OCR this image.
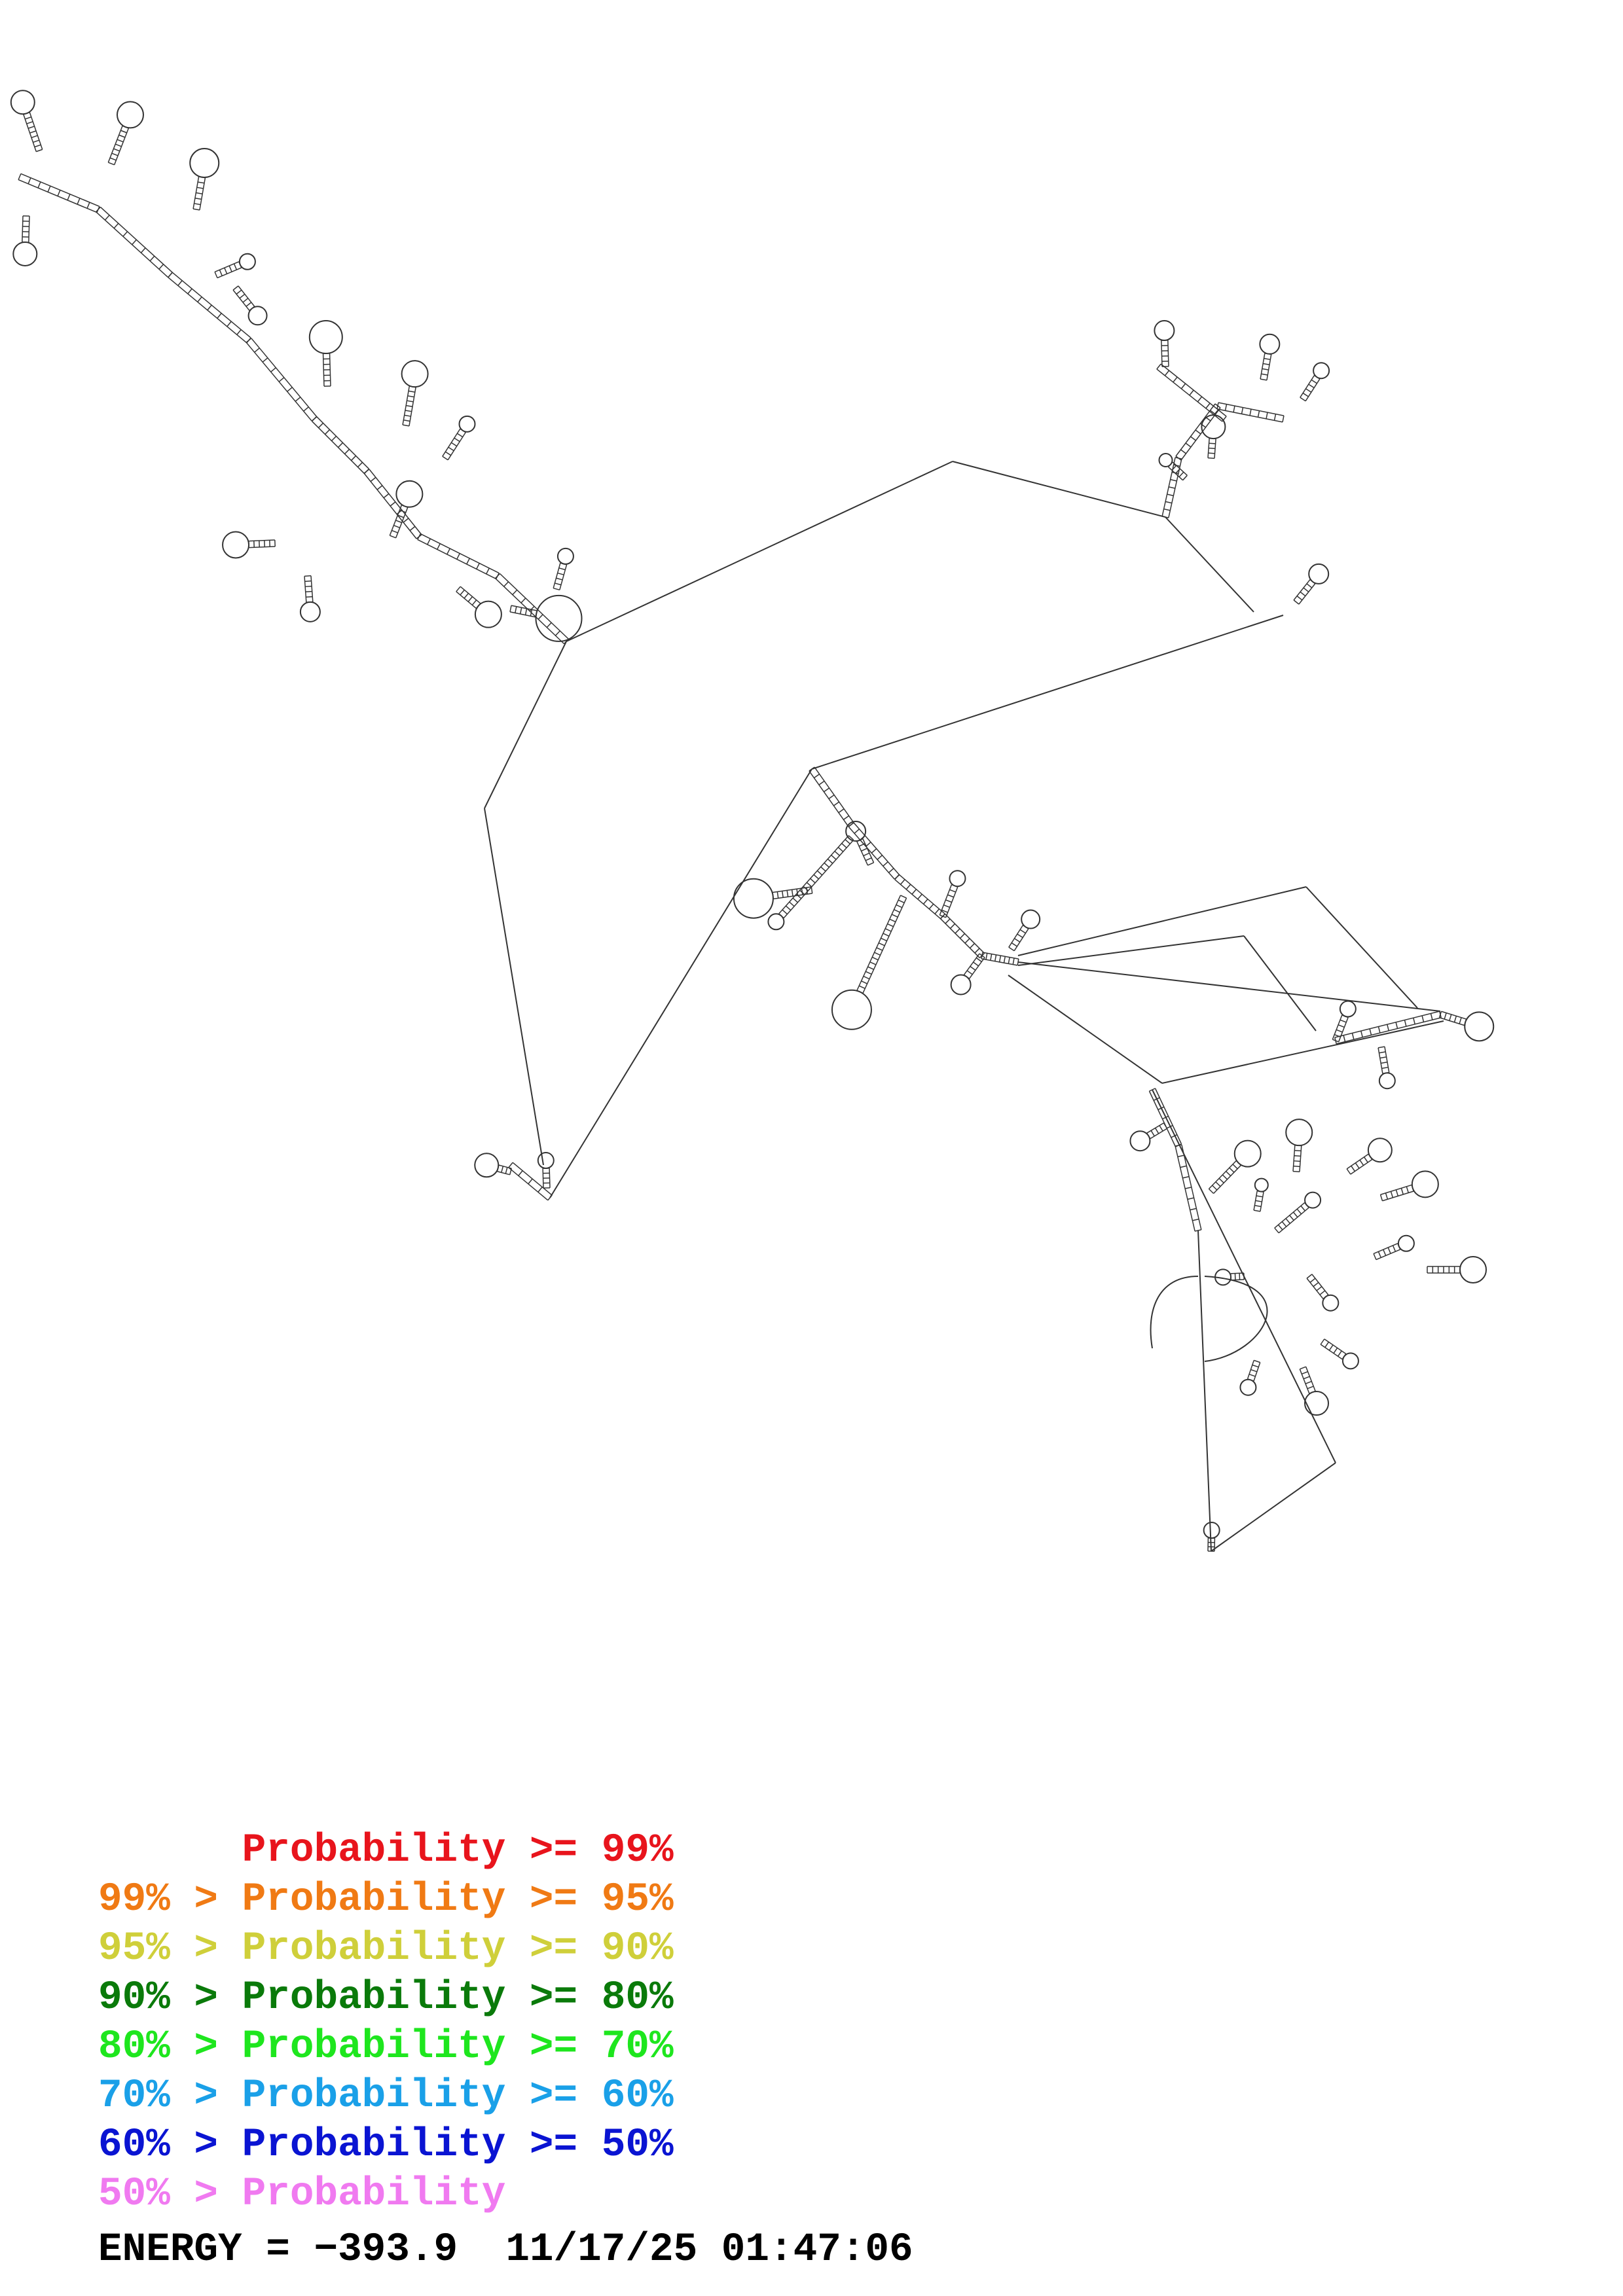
Probability >= 99%
99% > Probability >= 95%
95% > Probability >= 90%
90% > Probability >= 80%
80% > Probability >= 70%
70% > Probability >= 60%
60% > Probability >= 50%
50% > Probability
ENERGY = −393.9 11/17/25 01:47:06
